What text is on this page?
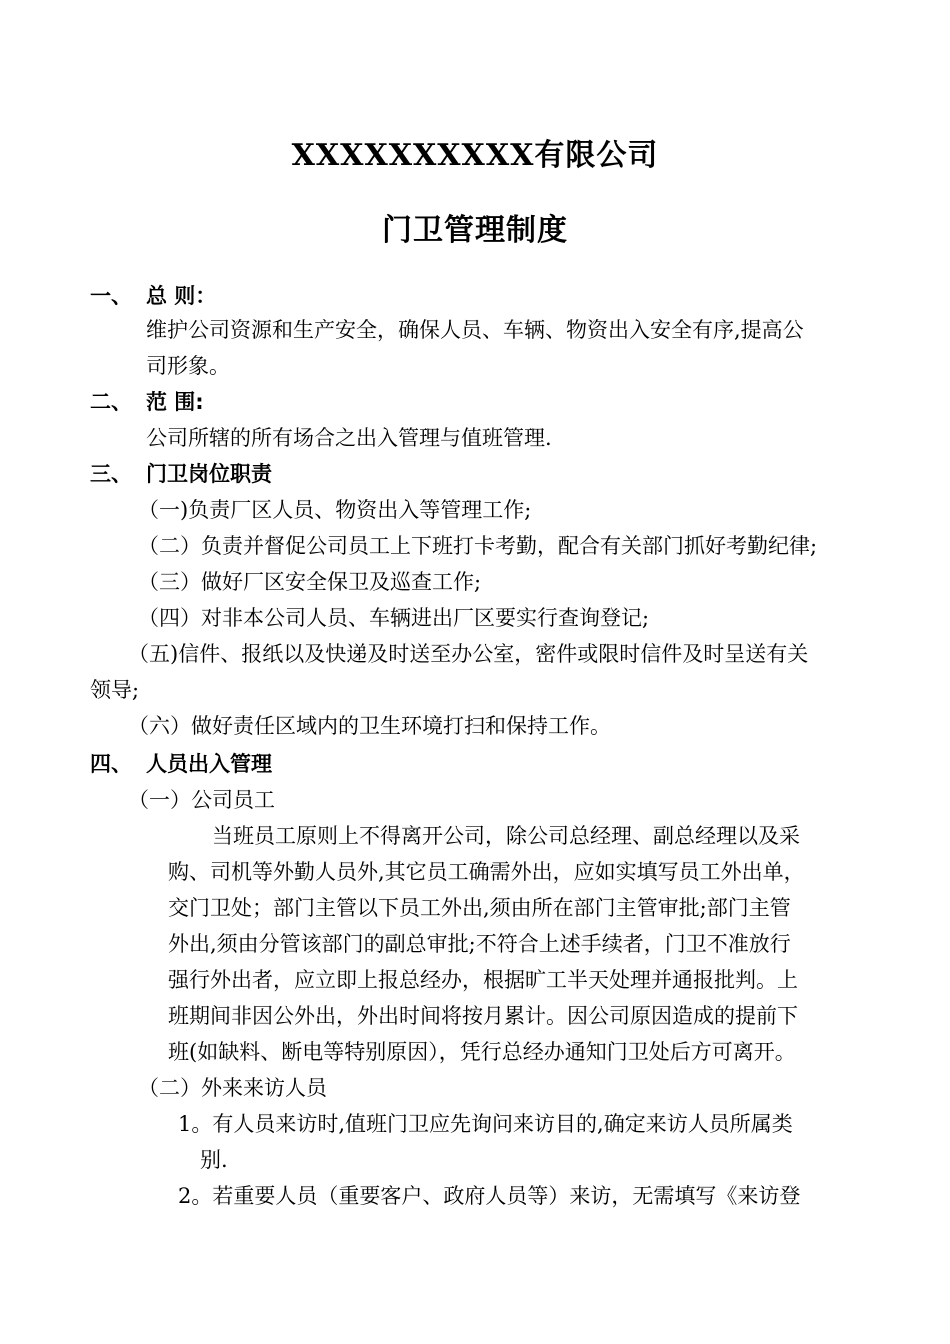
XXXXXXXXXX有限公司
门卫管理制度
一、 总 则：
维护公司资源和生产安全，确保人员、车辆、物资出入安全有序,提高公
司形象。
二、 范 围:
公司所辖的所有场合之出入管理与值班管理.
三、 门卫岗位职责
（一)负责厂区人员、物资出入等管理工作;
（二）负责并督促公司员工上下班打卡考勤，配合有关部门抓好考勤纪律;
（三）做好厂区安全保卫及巡查工作;
（四）对非本公司人员、车辆进出厂区要实行查询登记;
（五)信件、报纸以及快递及时送至办公室，密件或限时信件及时呈送有关
领导;
（六）做好责任区域内的卫生环境打扫和保持工作。
四、 人员出入管理
（一）公司员工
当班员工原则上不得离开公司，除公司总经理、副总经理以及采
购、司机等外勤人员外,其它员工确需外出，应如实填写员工外出单，
交门卫处；部门主管以下员工外出,须由所在部门主管审批;部门主管
外出,须由分管该部门的副总审批;不符合上述手续者，门卫不准放行
强行外出者，应立即上报总经办，根据旷工半天处理并通报批判。上
班期间非因公外出，外出时间将按月累计。因公司原因造成的提前下
班(如缺料、断电等特别原因），凭行总经办通知门卫处后方可离开。
（二）外来来访人员
1。有人员来访时,值班门卫应先询问来访目的,确定来访人员所属类
别.
2。若重要人员（重要客户、政府人员等）来访，无需填写《来访登
